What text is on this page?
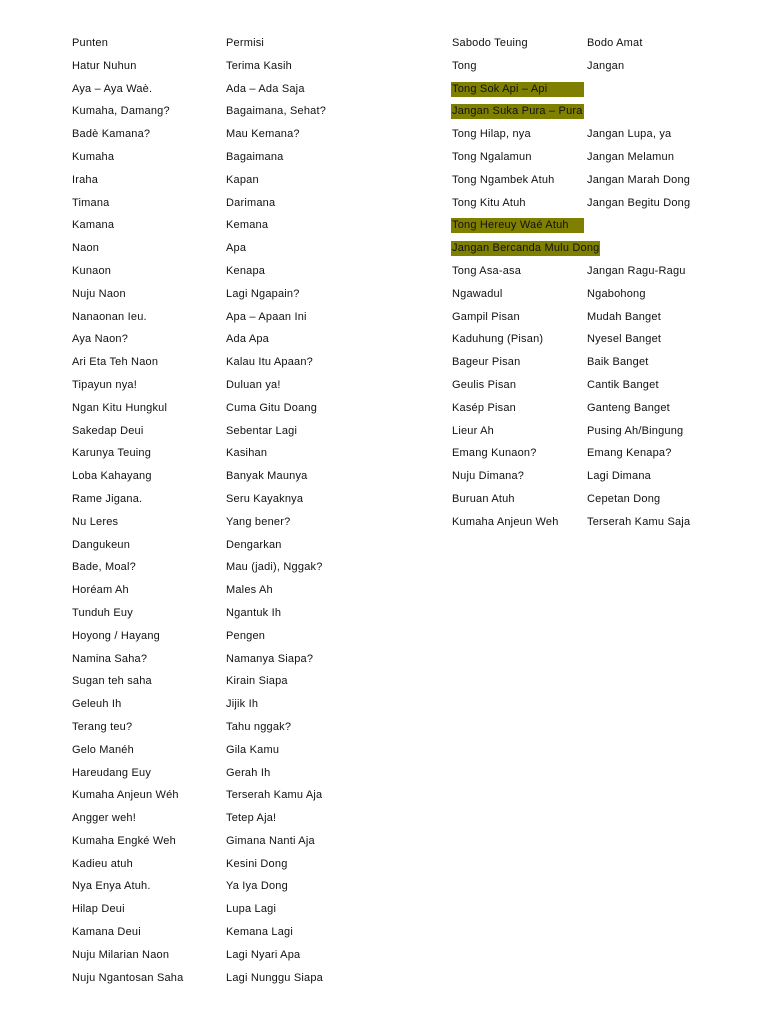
Punten
Hatur Nuhun
Aya – Aya Waè.
Kumaha, Damang?
Badè Kamana?
Kumaha
Iraha
Timana
Kamana
Naon
Kunaon
Nuju Naon
Nanaonan Ieu.
Aya Naon?
Ari Eta Teh Naon
Tipayun nya!
Ngan Kitu Hungkul
Sakedap Deui
Karunya Teuing
Loba Kahayang
Rame Jigana.
Nu Leres
Dangukeun
Bade, Moal?
Horéam Ah
Tunduh Euy
Hoyong / Hayang
Namina Saha?
Sugan teh saha
Geleuh Ih
Terang teu?
Gelo Manéh
Hareudang Euy
Kumaha Anjeun Wéh
Angger weh!
Kumaha Engké Weh
Kadieu atuh
Nya Enya Atuh.
Hilap Deui
Kamana Deui
Nuju Milarian Naon
Nuju Ngantosan Saha
Permisi
Terima Kasih
Ada – Ada Saja
Bagaimana, Sehat?
Mau Kemana?
Bagaimana
Kapan
Darimana
Kemana
Apa
Kenapa
Lagi Ngapain?
Apa – Apaan Ini
Ada Apa
Kalau Itu Apaan?
Duluan ya!
Cuma Gitu Doang
Sebentar Lagi
Kasihan
Banyak Maunya
Seru Kayaknya
Yang bener?
Dengarkan
Mau (jadi), Nggak?
Males Ah
Ngantuk Ih
Pengen
Namanya Siapa?
Kirain Siapa
Jijik Ih
Tahu nggak?
Gila Kamu
Gerah Ih
Terserah Kamu Aja
Tetep Aja!
Gimana Nanti Aja
Kesini Dong
Ya Iya Dong
Lupa Lagi
Kemana Lagi
Lagi Nyari Apa
Lagi Nunggu Siapa
Sabodo Teuing
Tong
Tong Sok Api – Api
Jangan Suka Pura – Pura
Tong Hilap, nya
Tong Ngalamun
Tong Ngambek Atuh
Tong Kitu Atuh
Tong Hereuy Waé Atuh
Jangan Bercanda Mulu Dong
Tong Asa-asa
Ngawadul
Gampil Pisan
Kaduhung (Pisan)
Bageur Pisan
Geulis Pisan
Kasép Pisan
Lieur Ah
Emang Kunaon?
Nuju Dimana?
Buruan Atuh
Kumaha Anjeun Weh
Bodo Amat
Jangan
Jangan Lupa, ya
Jangan Melamun
Jangan Marah Dong
Jangan Begitu Dong
Jangan Ragu-Ragu
Ngabohong
Mudah Banget
Nyesel Banget
Baik Banget
Cantik Banget
Ganteng Banget
Pusing Ah/Bingung
Emang Kenapa?
Lagi Dimana
Cepetan Dong
Terserah Kamu Saja
